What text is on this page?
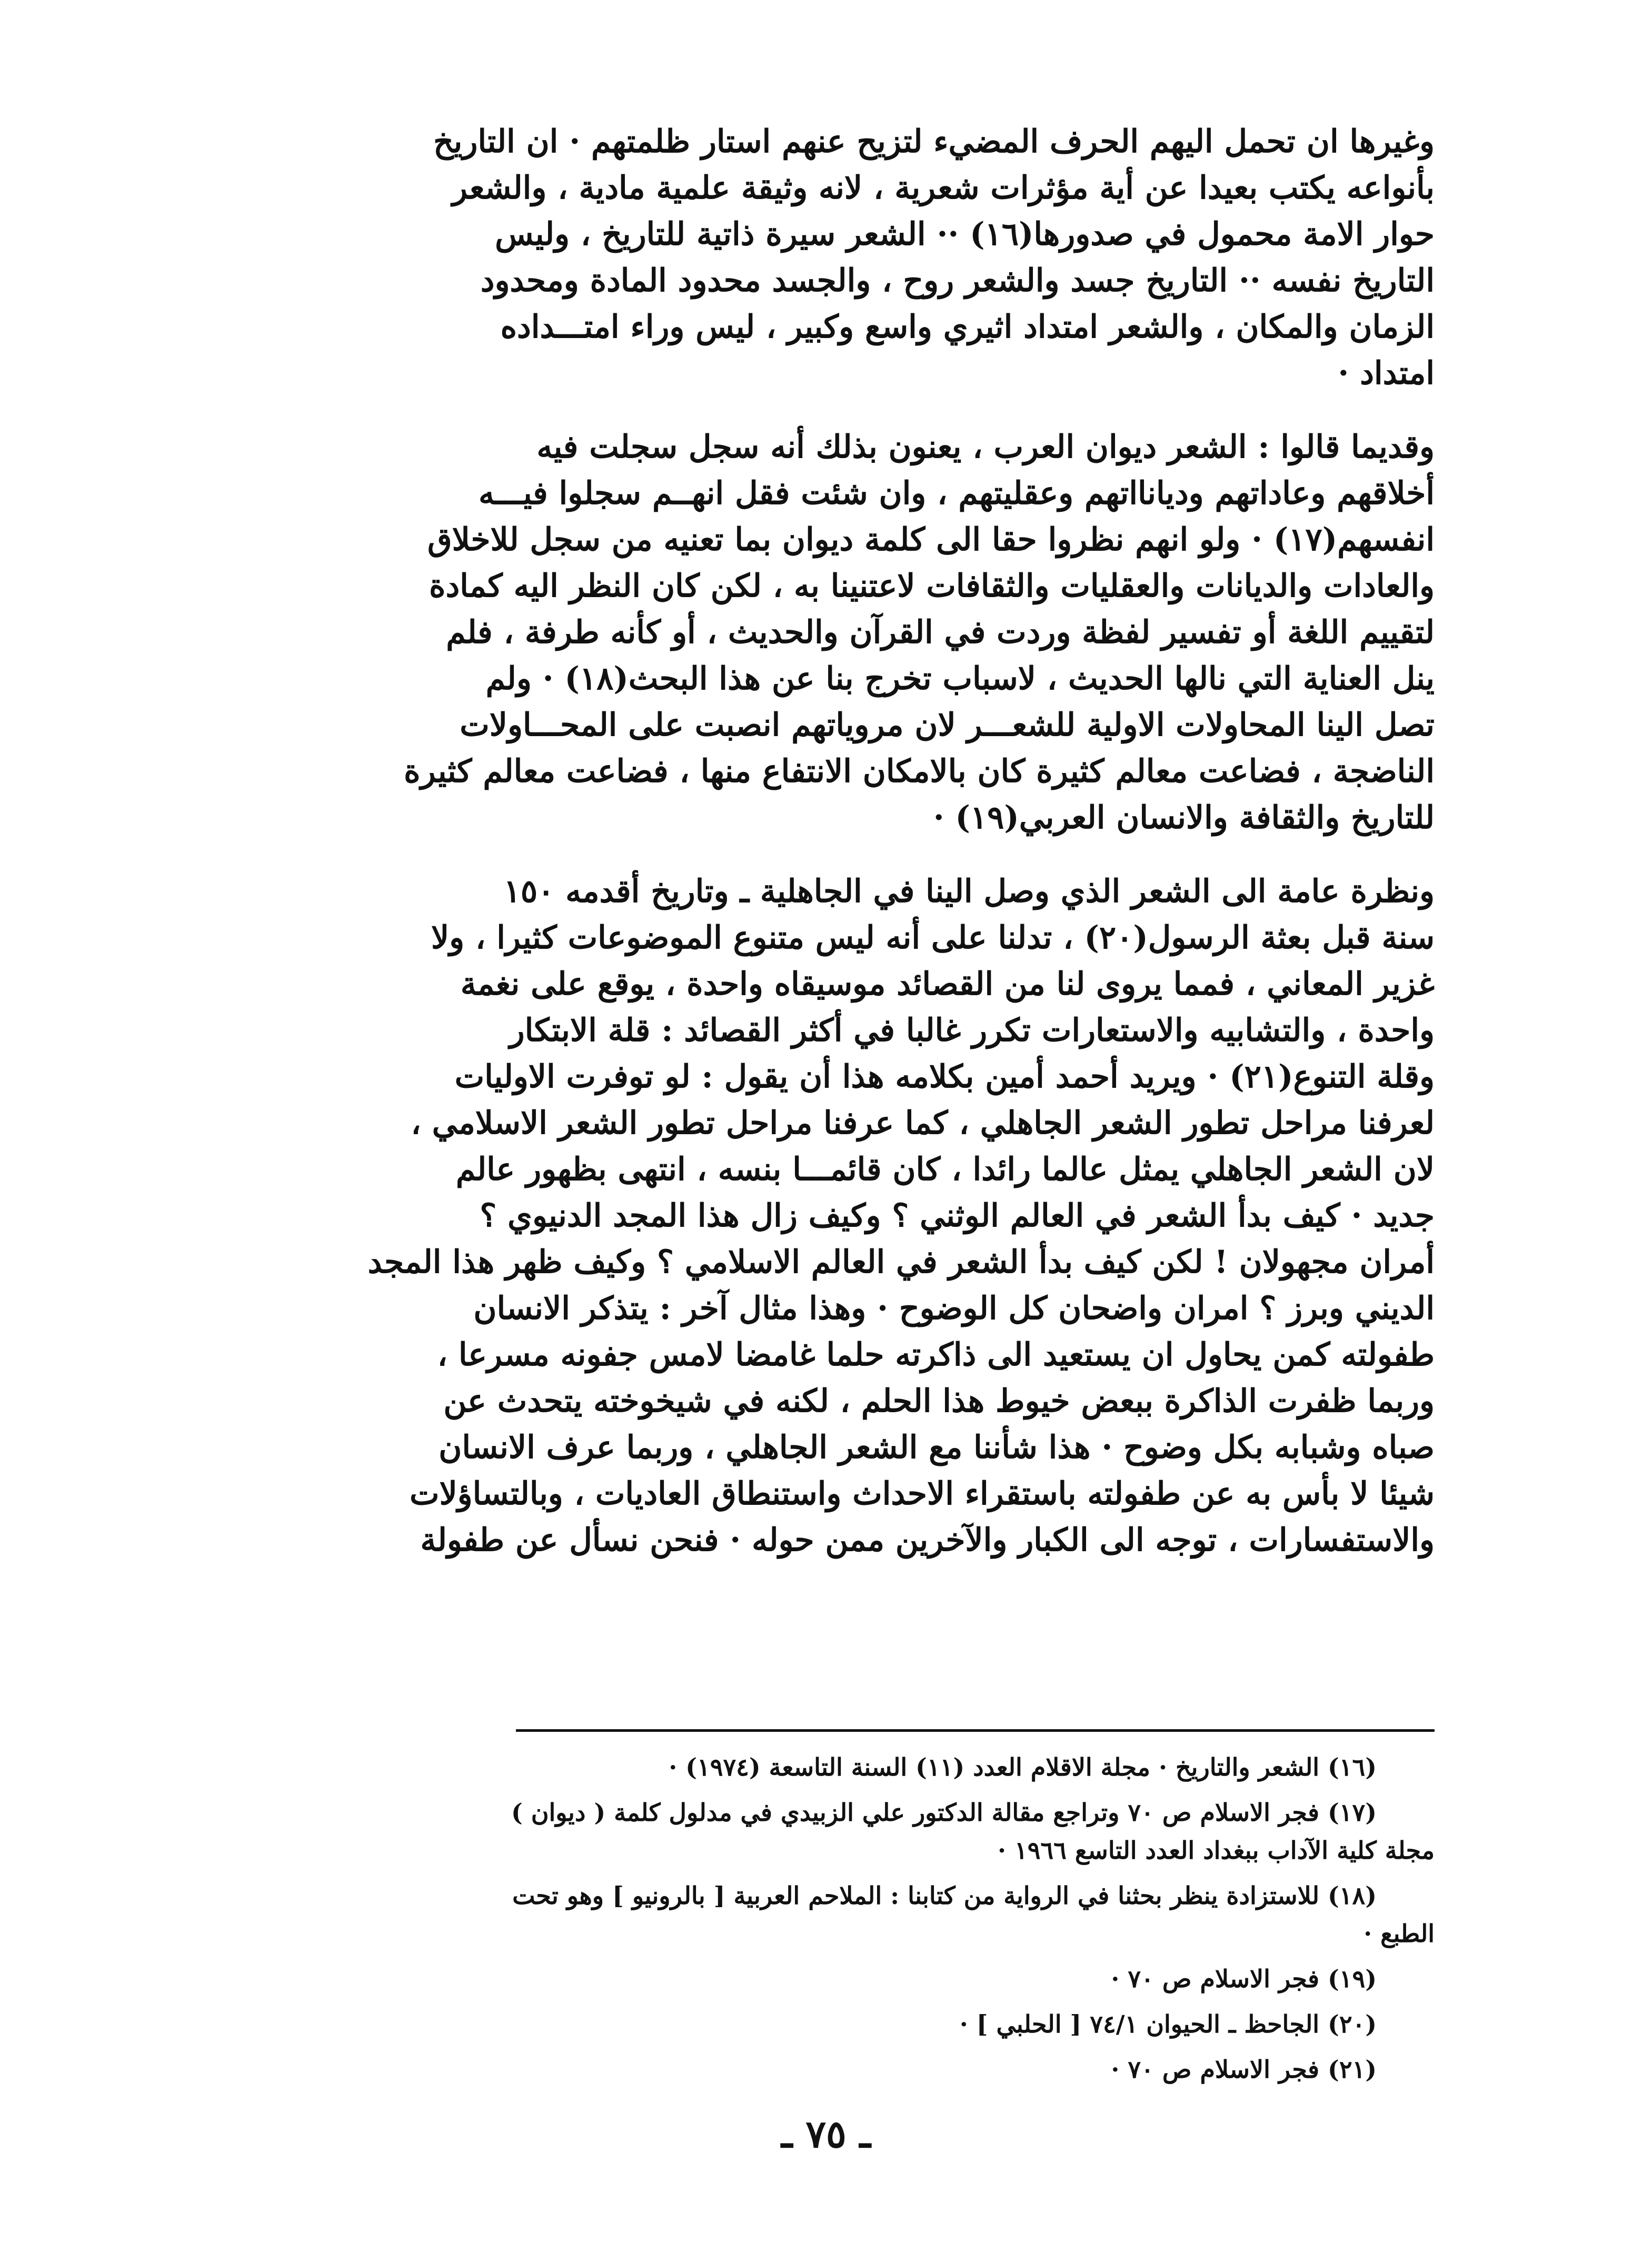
وغيرها ان تحمل اليهم الحرف المضيء لتزيح عنهم استار ظلمتهم · ان التاريخ
بأنواعه يكتب بعيدا عن أية مؤثرات شعرية ، لانه وثيقة علمية مادية ، والشعر
حوار الامة محمول في صدورها(١٦) ·· الشعر سيرة ذاتية للتاريخ ، وليس
التاريخ نفسه ·· التاريخ جسد والشعر روح ، والجسد محدود المادة ومحدود
الزمان والمكان ، والشعر امتداد اثيري واسع وكبير ، ليس وراء امتـــداده
امتداد ·
وقديما قالوا : الشعر ديوان العرب ، يعنون بذلك أنه سجل سجلت فيه
أخلاقهم وعاداتهم وديانااتهم وعقليتهم ، وان شئت فقل انهــم سجلوا فيـــه
انفسهم(١٧) · ولو انهم نظروا حقا الى كلمة ديوان بما تعنيه من سجل للاخلاق
والعادات والديانات والعقليات والثقافات لاعتنينا به ، لكن كان النظر اليه كمادة
لتقييم اللغة أو تفسير لفظة وردت في القرآن والحديث ، أو كأنه طرفة ، فلم
ينل العناية التي نالها الحديث ، لاسباب تخرج بنا عن هذا البحث(١٨) · ولم
تصل الينا المحاولات الاولية للشعـــر لان مروياتهم انصبت على المحـــاولات
الناضجة ، فضاعت معالم كثيرة كان بالامكان الانتفاع منها ، فضاعت معالم كثيرة
للتاريخ والثقافة والانسان العربي(١٩) ·
ونظرة عامة الى الشعر الذي وصل الينا في الجاهلية ـ وتاريخ أقدمه ١٥٠
سنة قبل بعثة الرسول(٢٠) ، تدلنا على أنه ليس متنوع الموضوعات كثيرا ، ولا
غزير المعاني ، فمما يروى لنا من القصائد موسيقاه واحدة ، يوقع على نغمة
واحدة ، والتشابيه والاستعارات تكرر غالبا في أكثر القصائد : قلة الابتكار
وقلة التنوع(٢١) · ويريد أحمد أمين بكلامه هذا أن يقول : لو توفرت الاوليات
لعرفنا مراحل تطور الشعر الجاهلي ، كما عرفنا مراحل تطور الشعر الاسلامي ،
لان الشعر الجاهلي يمثل عالما رائدا ، كان قائمـــا بنسه ، انتهى بظهور عالم
جديد · كيف بدأ الشعر في العالم الوثني ؟ وكيف زال هذا المجد الدنيوي ؟
أمران مجهولان ! لكن كيف بدأ الشعر في العالم الاسلامي ؟ وكيف ظهر هذا المجد
الديني وبرز ؟ امران واضحان كل الوضوح · وهذا مثال آخر : يتذكر الانسان
طفولته كمن يحاول ان يستعيد الى ذاكرته حلما غامضا لامس جفونه مسرعا ،
وربما ظفرت الذاكرة ببعض خيوط هذا الحلم ، لكنه في شيخوخته يتحدث عن
صباه وشبابه بكل وضوح · هذا شأننا مع الشعر الجاهلي ، وربما عرف الانسان
شيئا لا بأس به عن طفولته باستقراء الاحداث واستنطاق العاديات ، وبالتساؤلات
والاستفسارات ، توجه الى الكبار والآخرين ممن حوله · فنحن نسأل عن طفولة
(١٦) الشعر والتاريخ · مجلة الاقلام العدد (١١) السنة التاسعة (١٩٧٤) ·
(١٧) فجر الاسلام ص ٧٠ وتراجع مقالة الدكتور علي الزبيدي في مدلول كلمة ( ديوان )
مجلة كلية الآداب ببغداد العدد التاسع ١٩٦٦ ·
(١٨) للاستزادة ينظر بحثنا في الرواية من كتابنا : الملاحم العربية [ بالرونيو ] وهو تحت
الطبع ·
(١٩) فجر الاسلام ص ٧٠ ·
(٢٠) الجاحظ ـ الحيوان ٧٤/١ [ الحلبي ] ·
(٢١) فجر الاسلام ص ٧٠ ·
ـ ٧٥ ـ
